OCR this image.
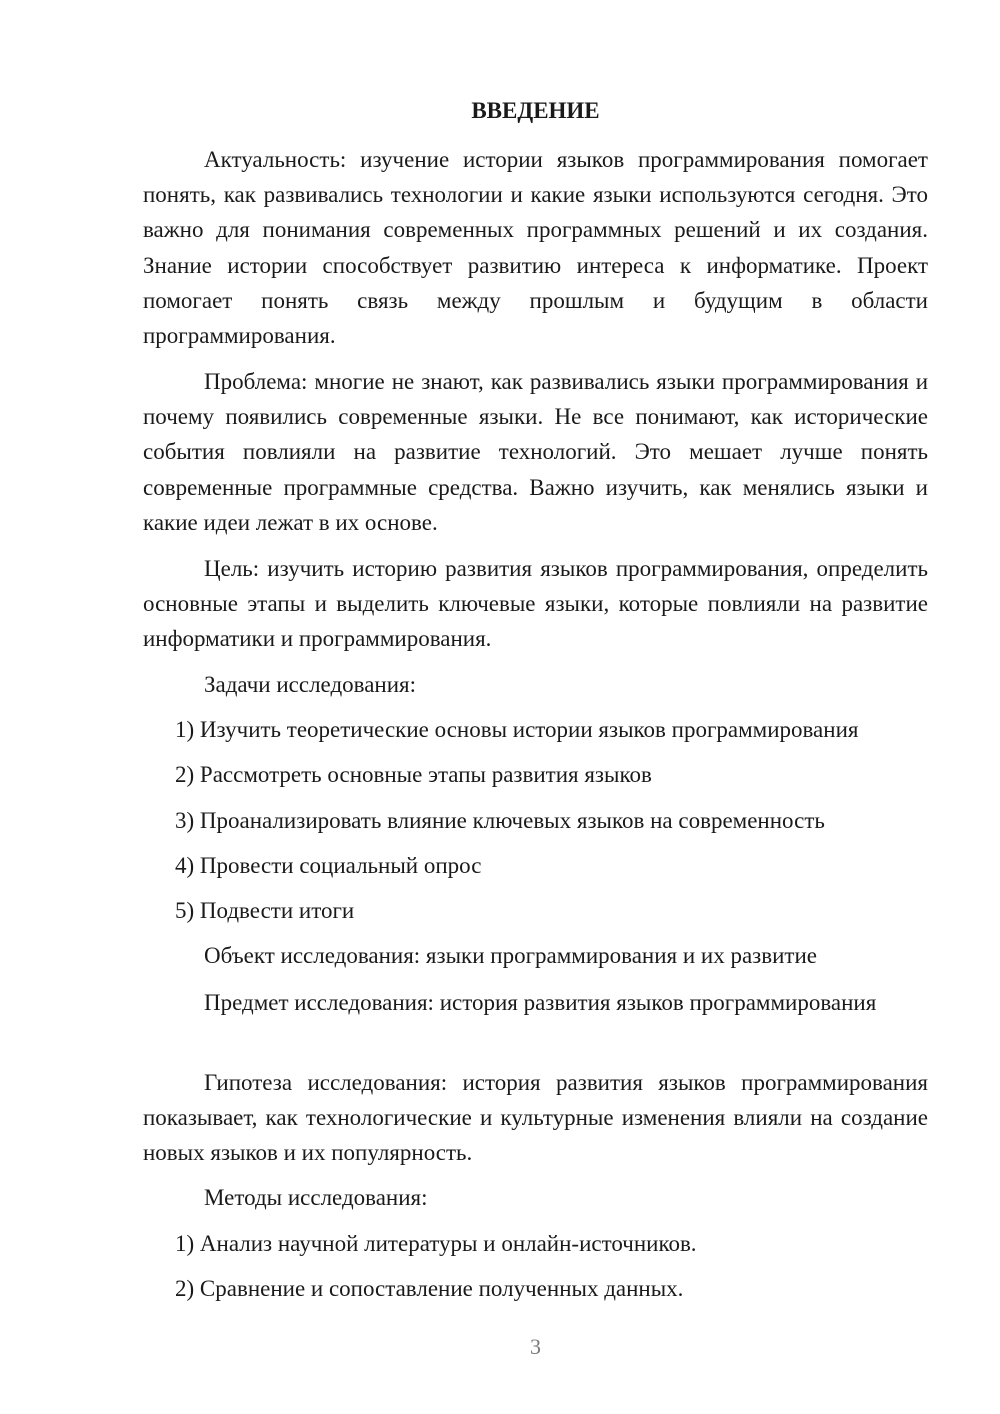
ВВЕДЕНИЕ

Актуальность: изучение истории языков программирования помогает понять, как развивались технологии и какие языки используются сегодня. Это важно для понимания современных программных решений и их создания. Знание истории способствует развитию интереса к информатике. Проект помогает понять связь между прошлым и будущим в области программирования.

Проблема: многие не знают, как развивались языки программирования и почему появились современные языки. Не все понимают, как исторические события повлияли на развитие технологий. Это мешает лучше понять современные программные средства. Важно изучить, как менялись языки и какие идеи лежат в их основе.

Цель: изучить историю развития языков программирования, определить основные этапы и выделить ключевые языки, которые повлияли на развитие информатики и программирования.

Задачи исследования:

1) Изучить теоретические основы истории языков программирования

2) Рассмотреть основные этапы развития языков

3) Проанализировать влияние ключевых языков на современность

4) Провести социальный опрос

5) Подвести итоги

Объект исследования: языки программирования и их развитие

Предмет исследования: история развития языков программирования

Гипотеза исследования: история развития языков программирования показывает, как технологические и культурные изменения влияли на создание новых языков и их популярность.

Методы исследования:

1) Анализ научной литературы и онлайн-источников.

2) Сравнение и сопоставление полученных данных.

3
